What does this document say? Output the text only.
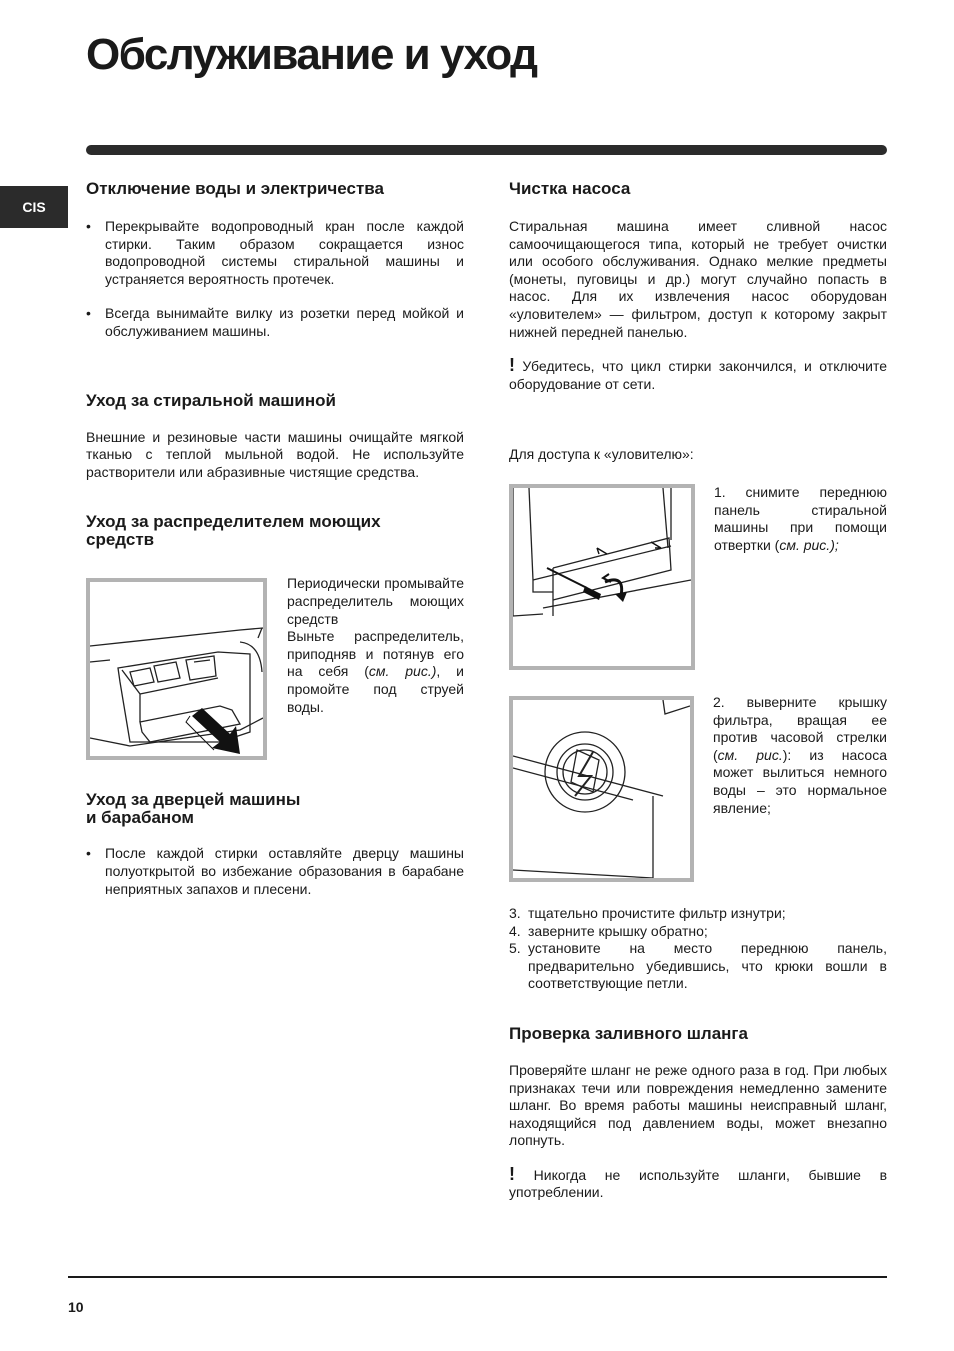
Обслуживание и уход
CIS
Отключение воды и электричества
• Перекрывайте водопроводный кран после каждой стирки. Таким образом сокращается износ водопроводной системы стиральной машины и устраняется вероятность протечек.
• Всегда вынимайте вилку из розетки перед мойкой и обслуживанием машины.
Уход за стиральной машиной

Внешние и резиновые части машины очищайте мягкой тканью с теплой мыльной водой. Не используйте растворители или абразивные чистящие средства.

Уход за распределителем моющих
средств

Периодически промывайте распределитель моющих средств

Выньте распределитель, приподняв и потянув его на себя (см. рис.), и промойте под струей воды.

Уход за дверцей машины
и барабаном
• После каждой стирки оставляйте дверцу машины полуоткрытой во избежание образования в барабане неприятных запахов и плесени.
Чистка насоса

Стиральная машина имеет сливной насос самоочищающегося типа, который не требует очистки или особого обслуживания. Однако мелкие предметы (монеты, пуговицы и др.) могут случайно попасть в насос. Для их извлечения насос оборудован «уловителем» — фильтром, доступ к которому закрыт нижней передней панелью.

! Убедитесь, что цикл стирки закончился, и отключите оборудование от сети.

Для доступа к «уловителю»:

1. снимите переднюю панель стиральной машины при помощи отвертки (см. рис.);
2. выверните крышку фильтра, вращая ее против часовой стрелки (см. рис.): из насоса может вылиться немного воды – это нормальное явление;
3. тщательно прочистите фильтр изнутри;
4. заверните крышку обратно;
5. установите на место переднюю панель, предварительно убедившись, что крюки вошли в соответствующие петли.
Проверка заливного шланга

Проверяйте шланг не реже одного раза в год. При любых признаках течи или повреждения немедленно замените шланг. Во время работы машины неисправный шланг, находящийся под давлением воды, может внезапно лопнуть.

! Никогда не используйте шланги, бывшие в употреблении.

10
